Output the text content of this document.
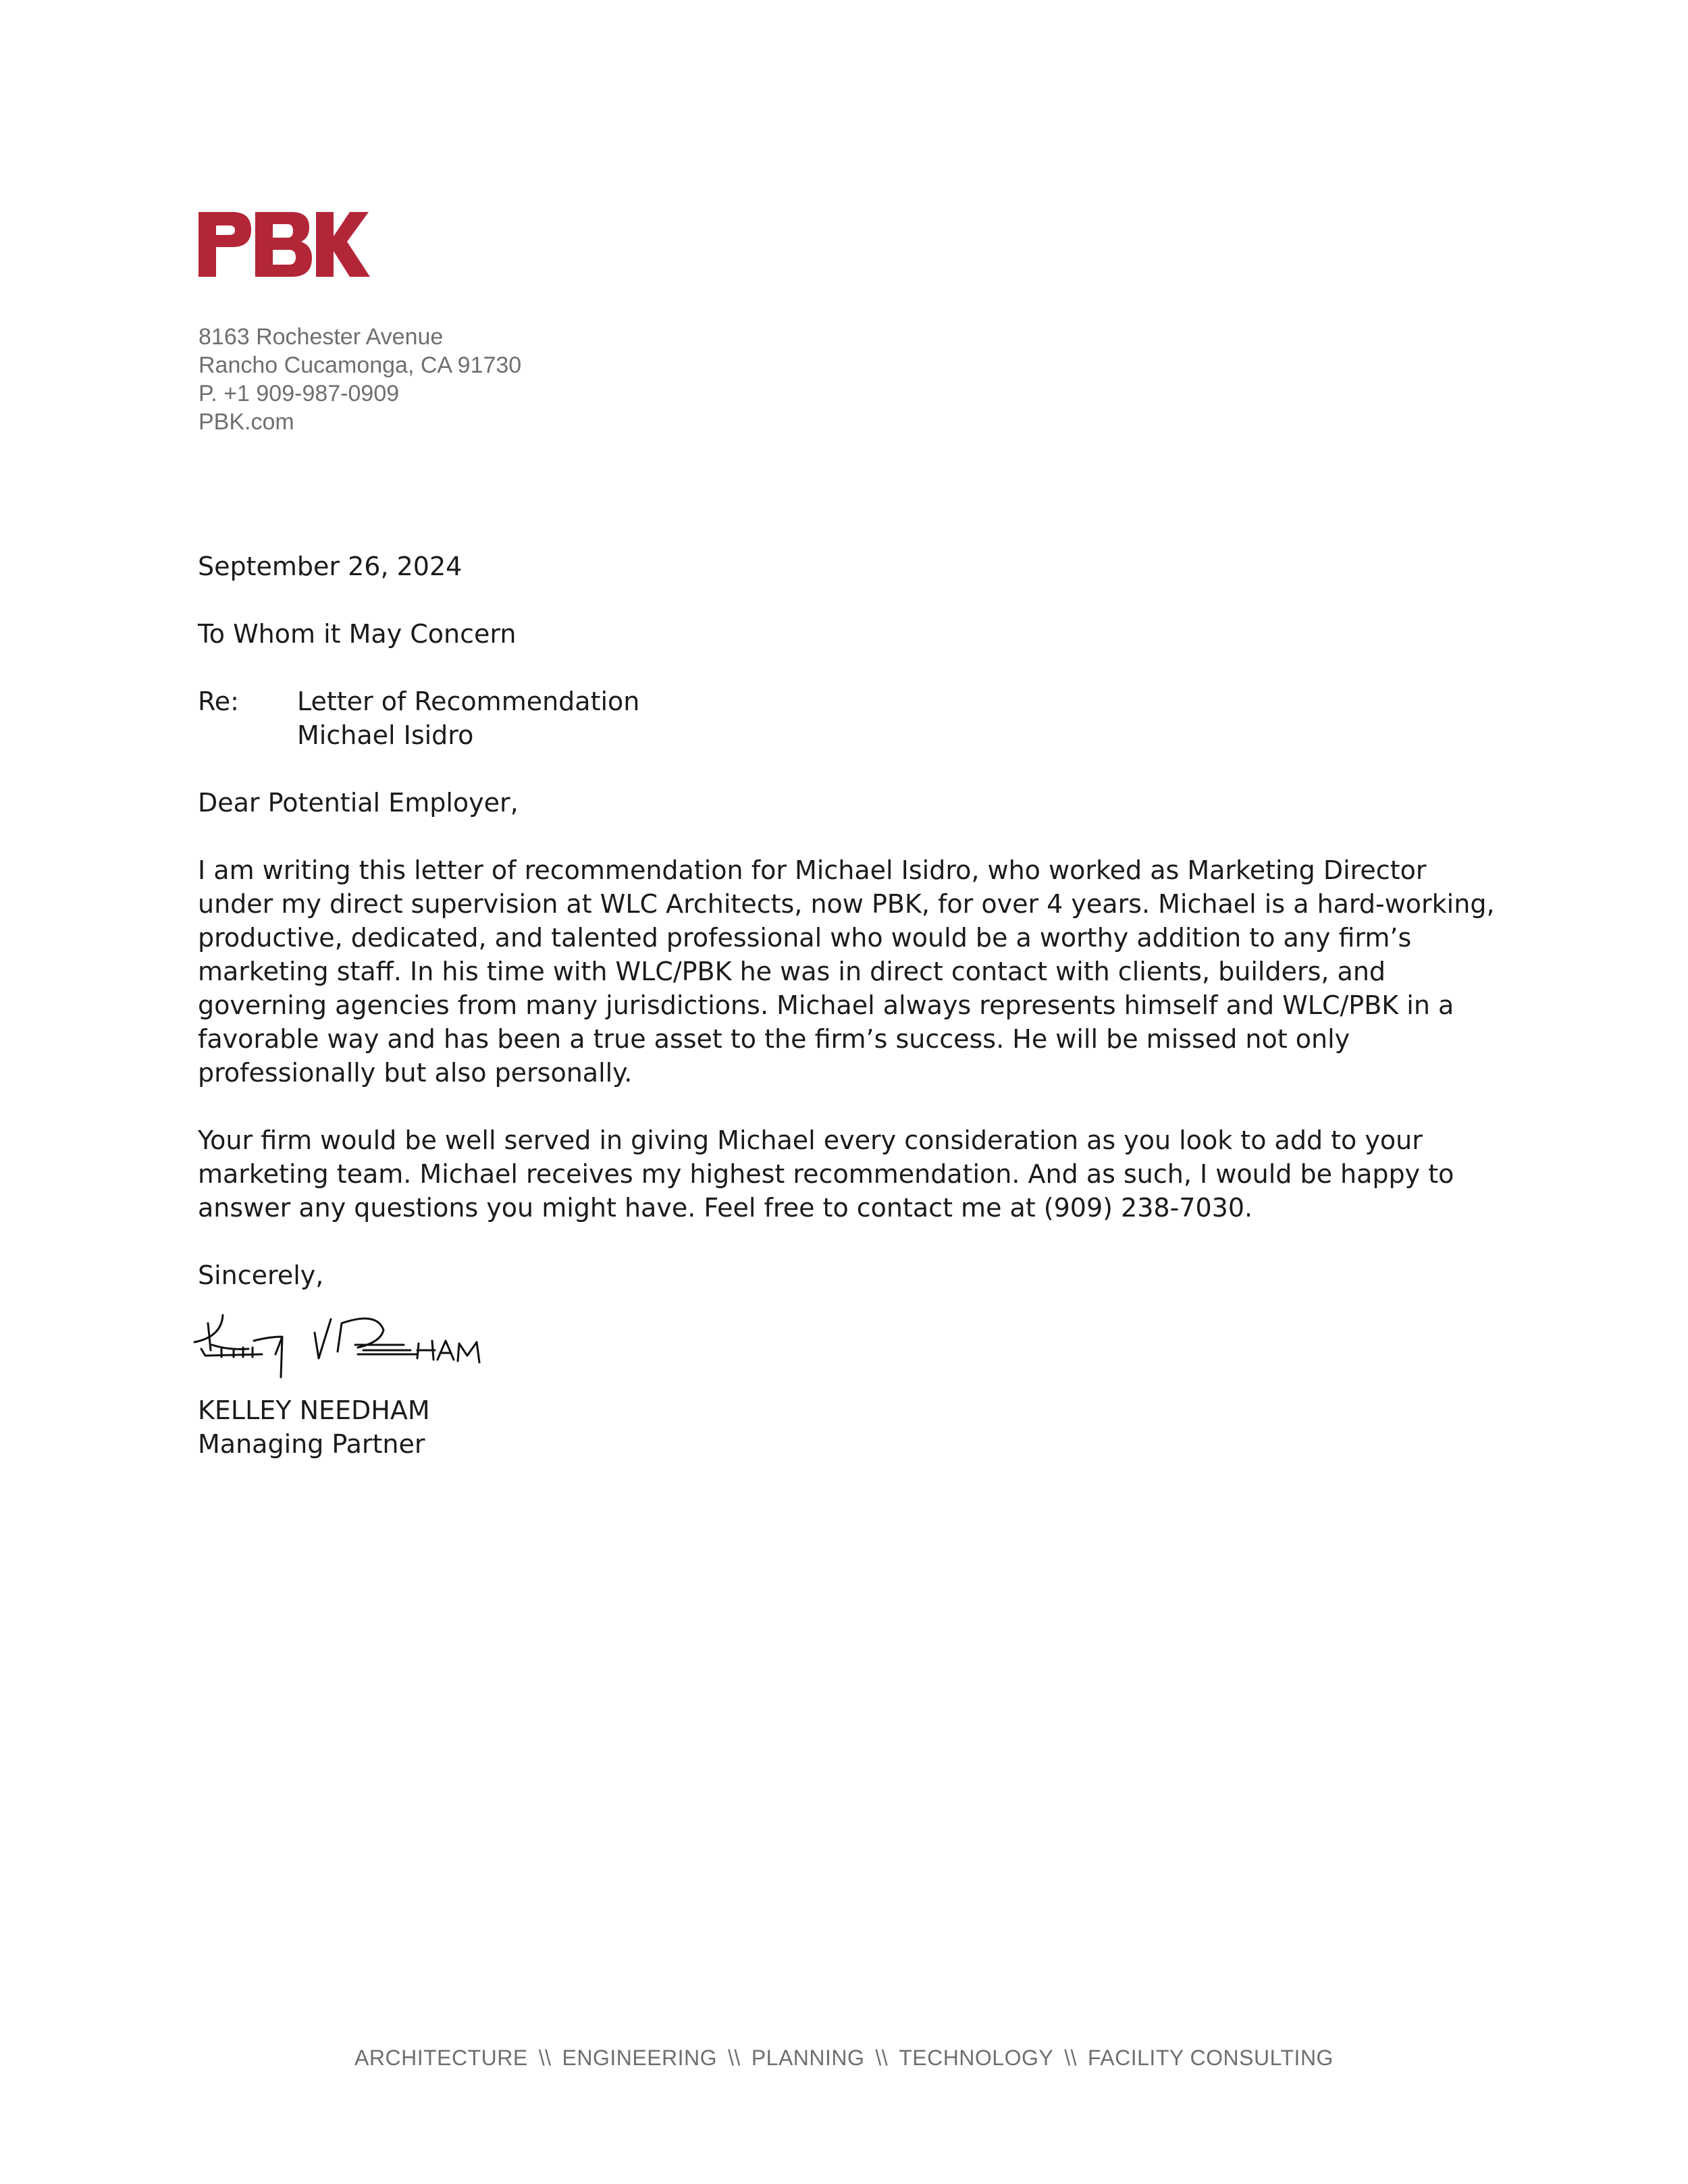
8163 Rochester Avenue
Rancho Cucamonga, CA 91730
P. +1 909-987-0909
PBK.com
September 26, 2024
To Whom it May Concern
Re: Letter of Recommendation
Michael Isidro
Dear Potential Employer,

I am writing this letter of recommendation for Michael Isidro, who worked as Marketing Director under my direct supervision at WLC Architects, now PBK, for over 4 years. Michael is a hard-working, productive, dedicated, and talented professional who would be a worthy addition to any firm’s marketing staff. In his time with WLC/PBK he was in direct contact with clients, builders, and governing agencies from many jurisdictions. Michael always represents himself and WLC/PBK in a favorable way and has been a true asset to the firm’s success. He will be missed not only professionally but also personally.

Your firm would be well served in giving Michael every consideration as you look to add to your marketing team. Michael receives my highest recommendation. And as such, I would be happy to answer any questions you might have. Feel free to contact me at (909) 238-7030.

Sincerely,
KELLEY NEEDHAM
Managing Partner
ARCHITECTURE \\ ENGINEERING \\ PLANNING \\ TECHNOLOGY \\ FACILITY CONSULTING
